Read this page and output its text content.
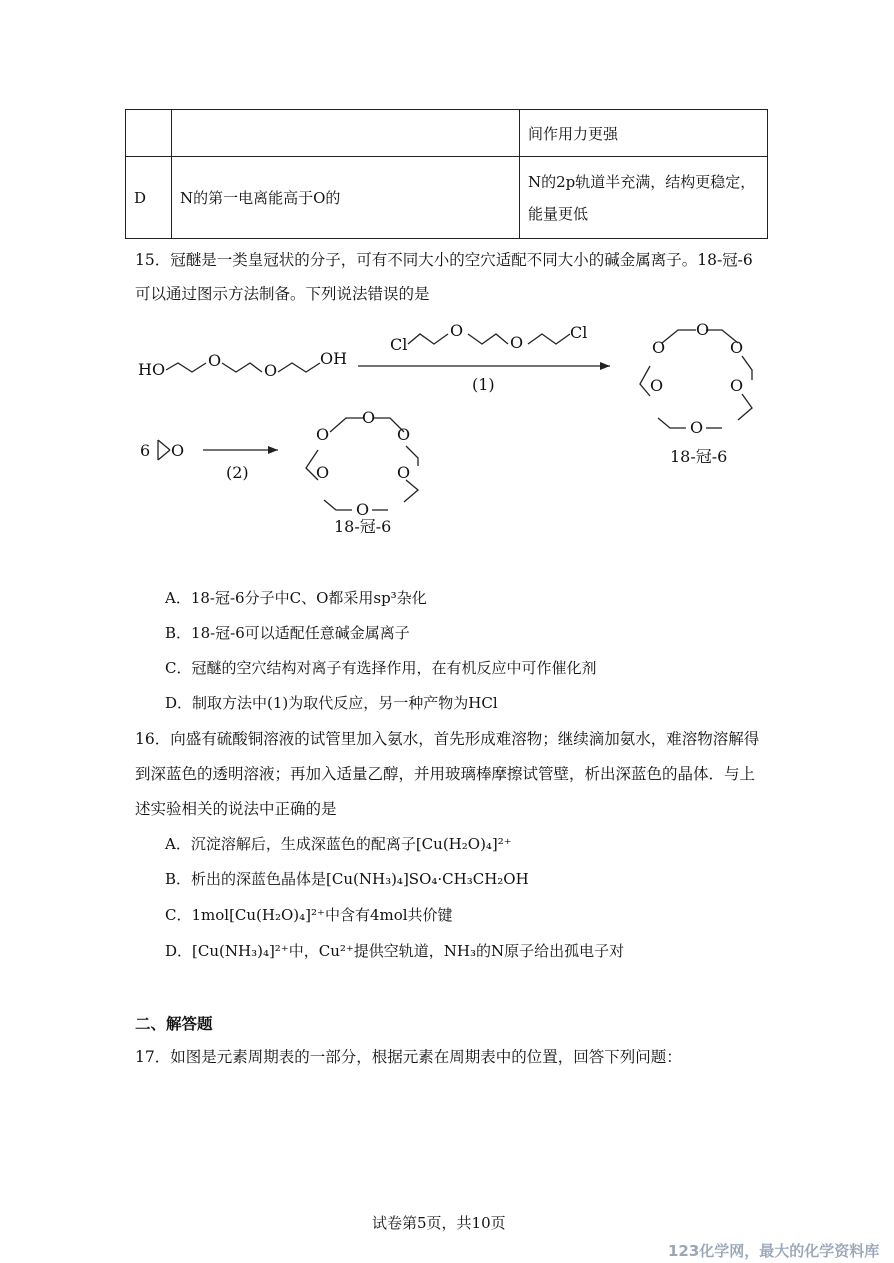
		间作用力更强
D	N的第一电离能高于O的	N的2p轨道半充满，结构更稳定，
能量更低
15．冠醚是一类皇冠状的分子，可有不同大小的空穴适配不同大小的碱金属离子。18-冠-6
可以通过图示方法制备。下列说法错误的是
HO	O
O
OH
Cl
O
O
Cl
(1)
O
O
O
O
O
O
18-冠-6
6 O
(2)
O
O
O
O
O
O
18-冠-6
A．18-冠-6分子中C、O都采用sp³杂化
B．18-冠-6可以适配任意碱金属离子
C．冠醚的空穴结构对离子有选择作用，在有机反应中可作催化剂
D．制取方法中(1)为取代反应，另一种产物为HCl
16．向盛有硫酸铜溶液的试管里加入氨水，首先形成难溶物；继续滴加氨水，难溶物溶解得
到深蓝色的透明溶液；再加入适量乙醇，并用玻璃棒摩擦试管壁，析出深蓝色的晶体．与上
述实验相关的说法中正确的是
A．沉淀溶解后，生成深蓝色的配离子[Cu(H₂O)₄]²⁺
B．析出的深蓝色晶体是[Cu(NH₃)₄]SO₄·CH₃CH₂OH
C．1mol[Cu(H₂O)₄]²⁺中含有4mol共价键
D．[Cu(NH₃)₄]²⁺中，Cu²⁺提供空轨道，NH₃的N原子给出孤电子对
二、解答题
17．如图是元素周期表的一部分，根据元素在周期表中的位置，回答下列问题：
试卷第5页，共10页
123化学网，最大的化学资料库
